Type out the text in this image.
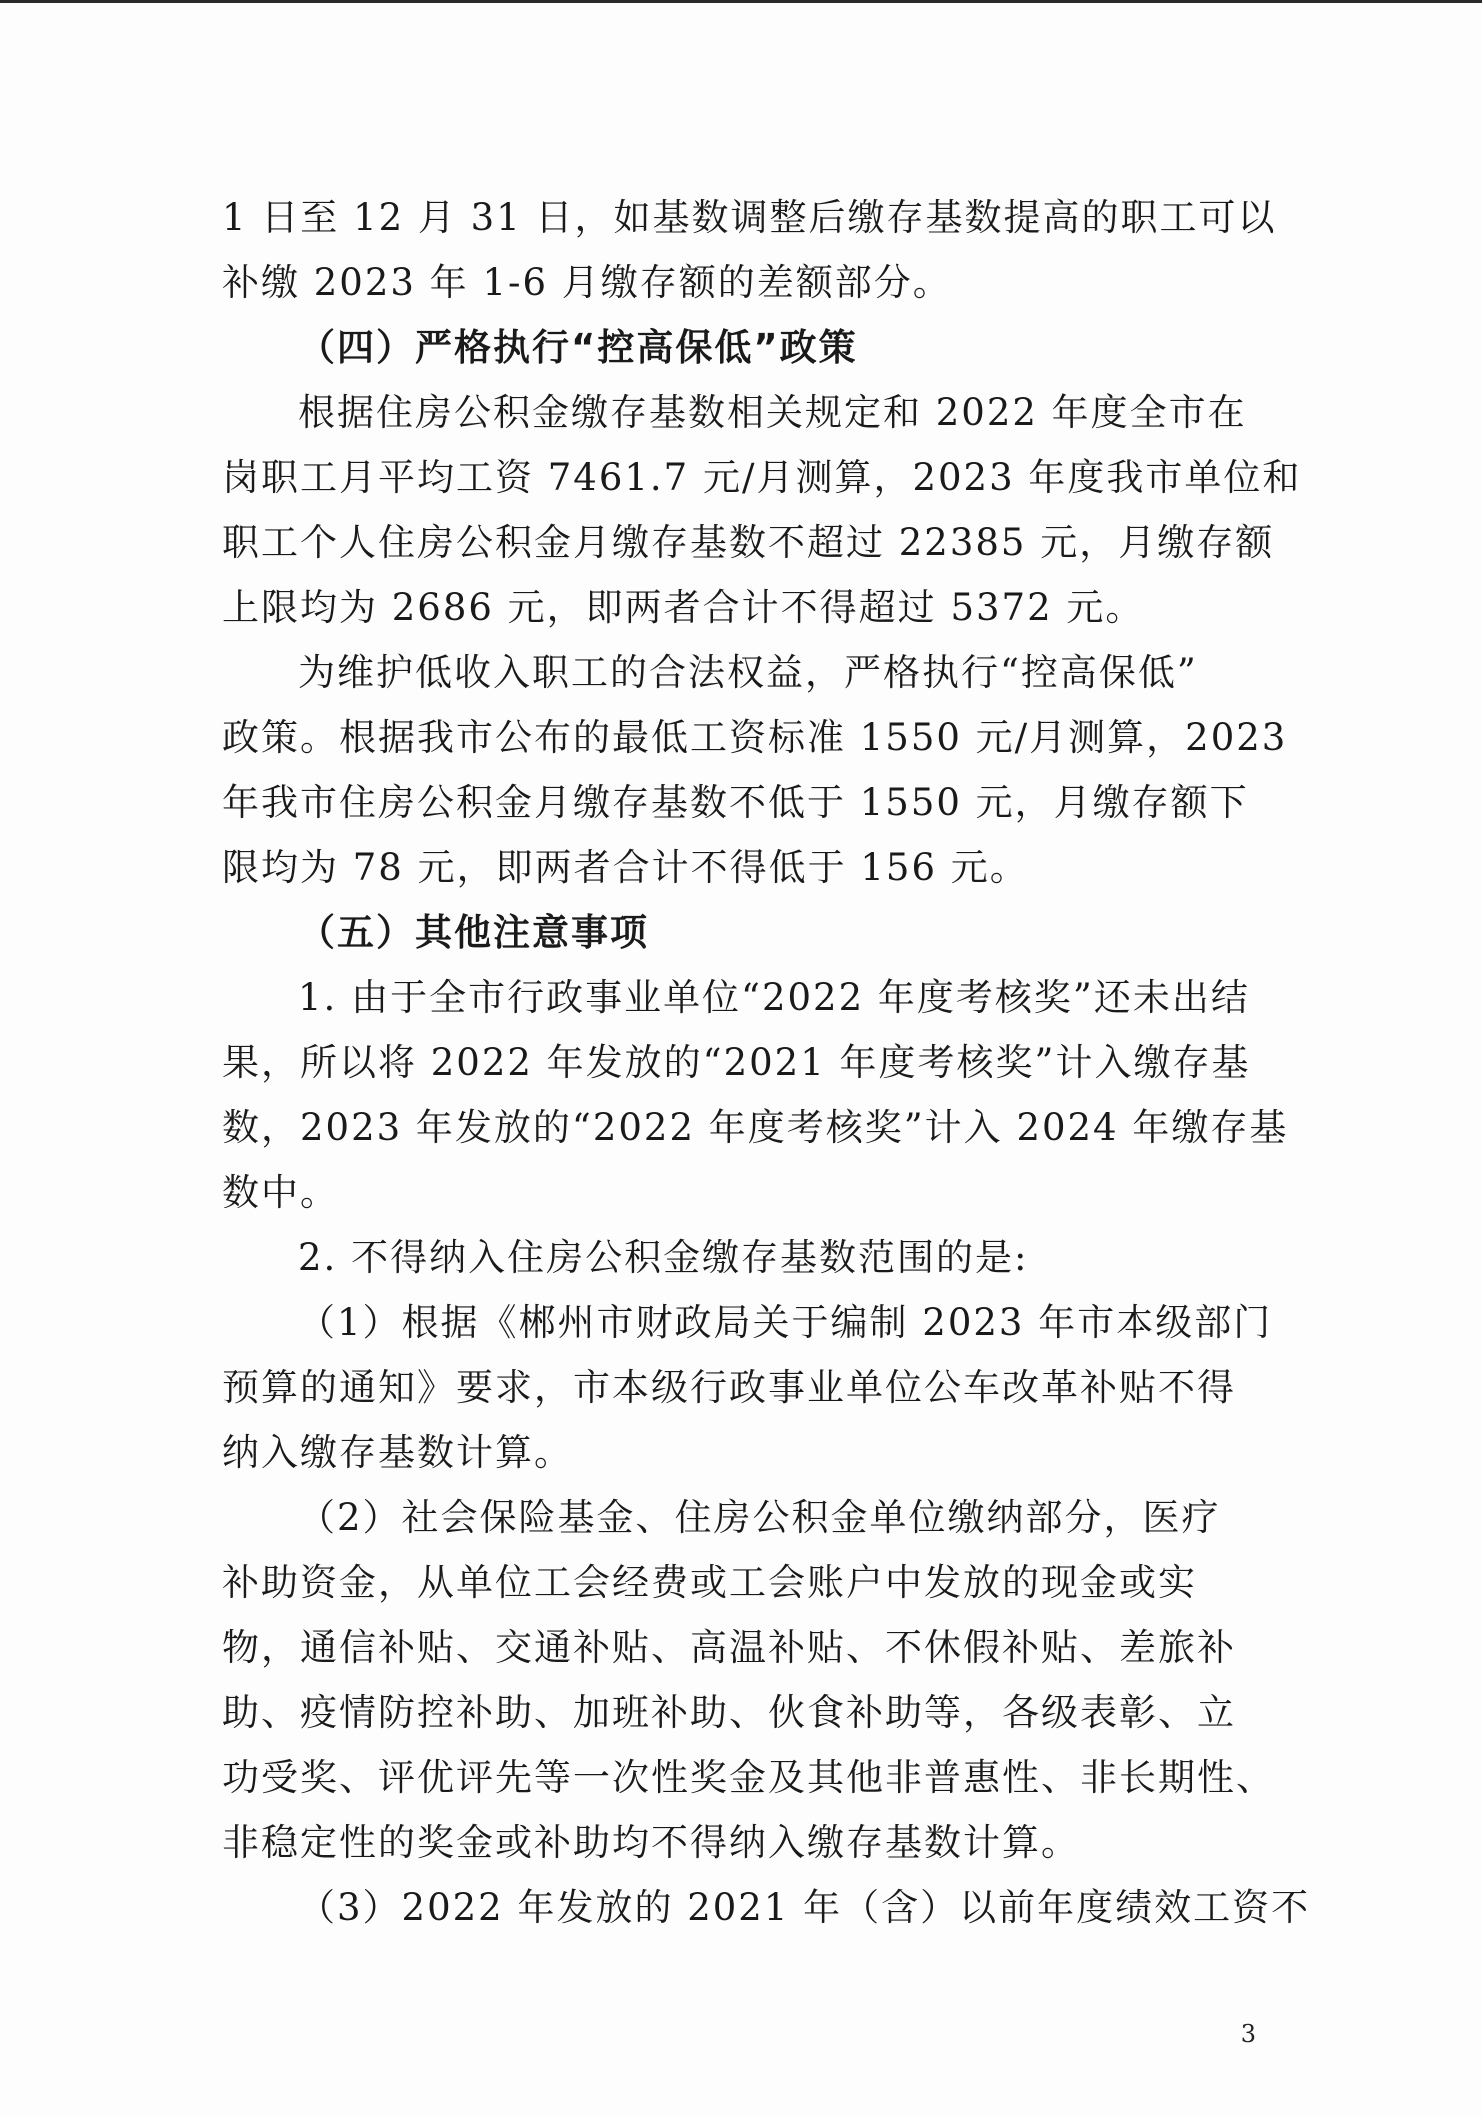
1 日至 12 月 31 日，如基数调整后缴存基数提高的职工可以
补缴 2023 年 1-6 月缴存额的差额部分。
（四）严格执行“控高保低”政策
根据住房公积金缴存基数相关规定和 2022 年度全市在
岗职工月平均工资 7461.7 元/月测算，2023 年度我市单位和
职工个人住房公积金月缴存基数不超过 22385 元，月缴存额
上限均为 2686 元，即两者合计不得超过 5372 元。
为维护低收入职工的合法权益，严格执行“控高保低”
政策。根据我市公布的最低工资标准 1550 元/月测算，2023
年我市住房公积金月缴存基数不低于 1550 元，月缴存额下
限均为 78 元，即两者合计不得低于 156 元。
（五）其他注意事项
1. 由于全市行政事业单位“2022 年度考核奖”还未出结
果，所以将 2022 年发放的“2021 年度考核奖”计入缴存基
数，2023 年发放的“2022 年度考核奖”计入 2024 年缴存基
数中。
2. 不得纳入住房公积金缴存基数范围的是:
（1）根据《郴州市财政局关于编制 2023 年市本级部门
预算的通知》要求，市本级行政事业单位公车改革补贴不得
纳入缴存基数计算。
（2）社会保险基金、住房公积金单位缴纳部分，医疗
补助资金，从单位工会经费或工会账户中发放的现金或实
物，通信补贴、交通补贴、高温补贴、不休假补贴、差旅补
助、疫情防控补助、加班补助、伙食补助等，各级表彰、立
功受奖、评优评先等一次性奖金及其他非普惠性、非长期性、
非稳定性的奖金或补助均不得纳入缴存基数计算。
（3）2022 年发放的 2021 年（含）以前年度绩效工资不
3
